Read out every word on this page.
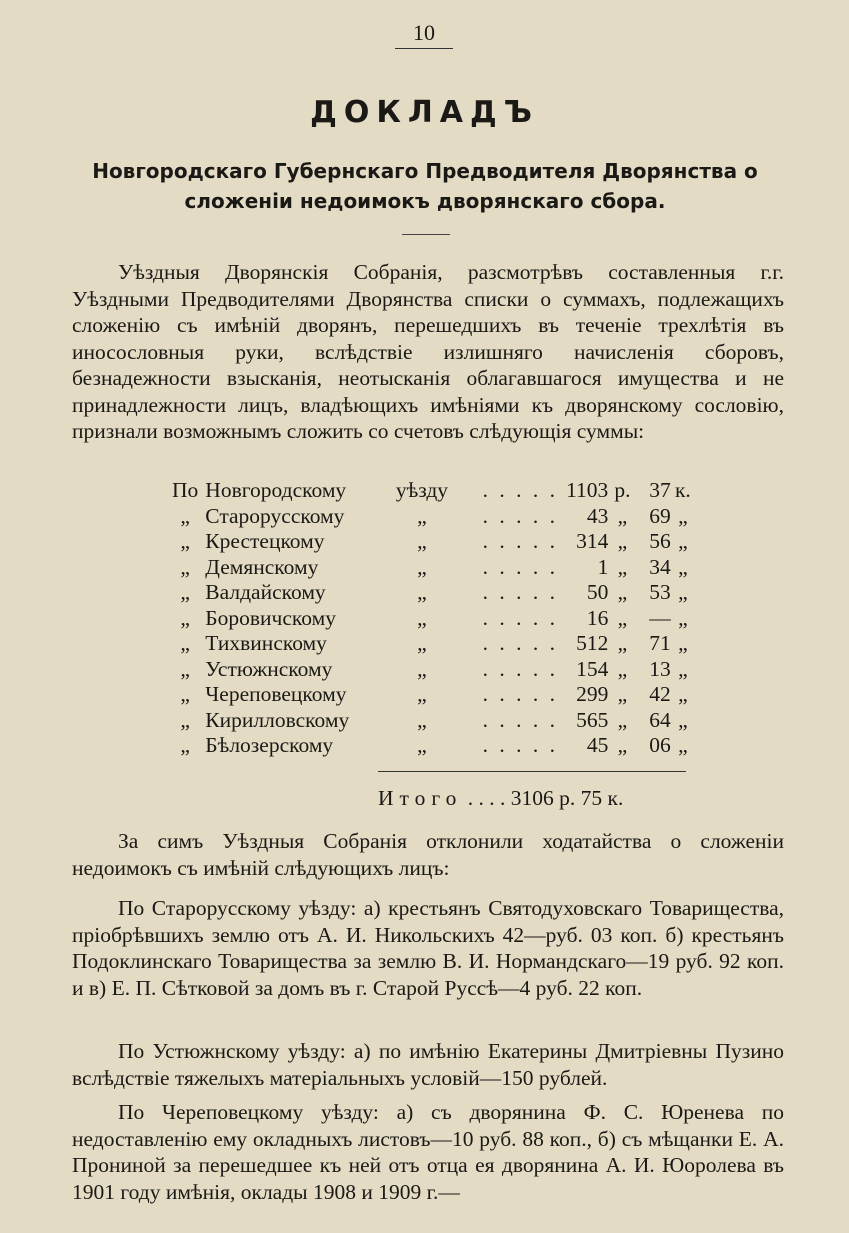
10
ДОКЛАДЪ
Новгородскаго Губернскаго Предводителя Дворянства о сложеніи недоимокъ дворянскаго сбора.

Уѣздныя Дворянскія Собранія, разсмотрѣвъ составленныя г.г. Уѣздными Предводителями Дворянства списки о суммахъ, подлежащихъ сложенію съ имѣній дворянъ, перешедшихъ въ теченіе трехлѣтія въ иносословныя руки, вслѣдствіе излишняго начисленія сборовъ, безнадежности взысканія, неотысканія облагавшагося имущества и не принадлежности лицъ, владѣющихъ имѣніями къ дворянскому сословію, признали возможнымъ сложить со счетовъ слѣдующія суммы:

По	Новгородскому	уѣзду	. . . . .	1103	р.	37	к.
„	Старорусскому	„	. . . . .	43	„	69	„
„	Крестецкому	„	. . . . .	314	„	56	„
„	Демянскому	„	. . . . .	1	„	34	„
„	Валдайскому	„	. . . . .	50	„	53	„
„	Боровичскому	„	. . . . .	16	„	—	„
„	Тихвинскому	„	. . . . .	512	„	71	„
„	Устюжнскому	„	. . . . .	154	„	13	„
„	Череповецкому	„	. . . . .	299	„	42	„
„	Кирилловскому	„	. . . . .	565	„	64	„
„	Бѣлозерскому	„	. . . . .	45	„	06	„
Итого . . . . 3106 р. 75 к.

За симъ Уѣздныя Собранія отклонили ходатайства о сложеніи недоимокъ съ имѣній слѣдующихъ лицъ:

По Старорусскому уѣзду: а) крестьянъ Святодуховскаго Товарищества, пріобрѣвшихъ землю отъ А. И. Никольскихъ 42—руб. 03 коп. б) крестьянъ Подоклинскаго Товарищества за землю В. И. Нормандскаго—19 руб. 92 коп. и в) Е. П. Сѣтковой за домъ въ г. Старой Руссѣ—4 руб. 22 коп.

По Устюжнскому уѣзду: а) по имѣнію Екатерины Дмитріевны Пузино вслѣдствіе тяжелыхъ матеріальныхъ условій—150 рублей.

По Череповецкому уѣзду: а) съ дворянина Ф. С. Юренева по недоставленію ему окладныхъ листовъ—10 руб. 88 коп., б) съ мѣщанки Е. А. Прониной за перешедшее къ ней отъ отца ея дворянина А. И. Юоролева въ 1901 году имѣнія, оклады 1908 и 1909 г.—
